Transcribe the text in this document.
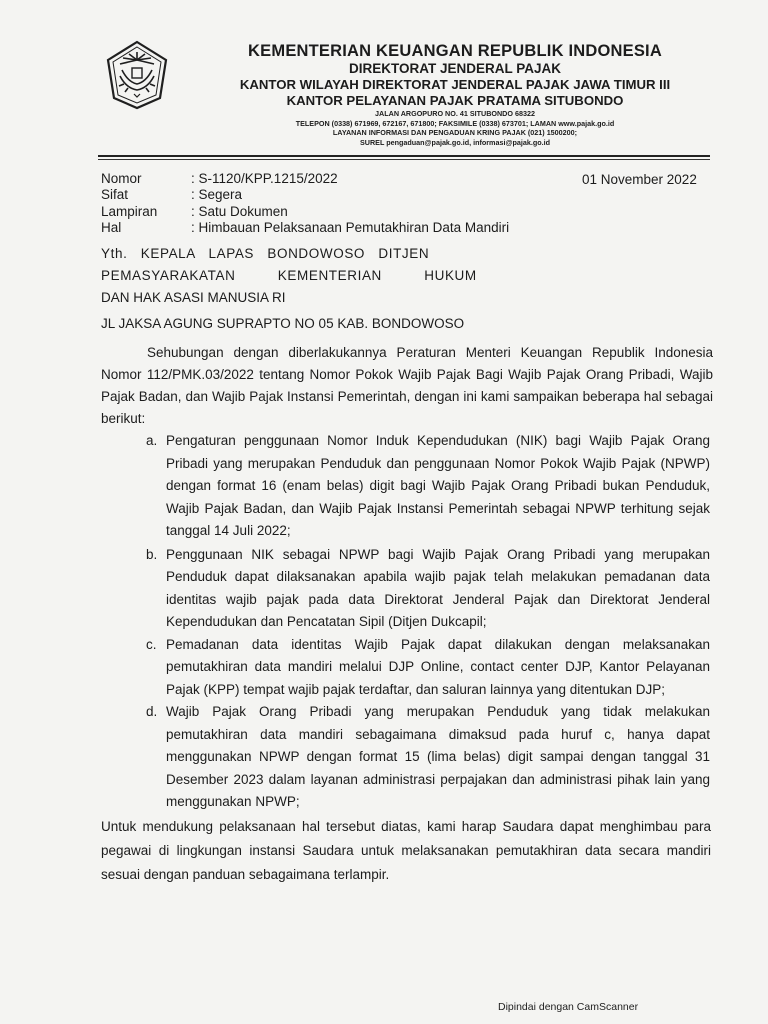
KEMENTERIAN KEUANGAN REPUBLIK INDONESIA
DIREKTORAT JENDERAL PAJAK
KANTOR WILAYAH DIREKTORAT JENDERAL PAJAK JAWA TIMUR III
KANTOR PELAYANAN PAJAK PRATAMA SITUBONDO
JALAN ARGOPURO NO. 41 SITUBONDO 68322
TELEPON (0338) 671969, 672167, 671800; FAKSIMILE (0338) 673701; LAMAN www.pajak.go.id
LAYANAN INFORMASI DAN PENGADUAN KRING PAJAK (021) 1500200;
SUREL pengaduan@pajak.go.id, informasi@pajak.go.id
Nomor	: S-1120/KPP.1215/2022
Sifat	: Segera
Lampiran	: Satu Dokumen
Hal	: Himbauan Pelaksanaan Pemutakhiran Data Mandiri
01 November 2022
Yth. KEPALA LAPAS BONDOWOSO DITJEN
PEMASYARAKATAN KEMENTERIAN HUKUM
DAN HAK ASASI MANUSIA RI
JL JAKSA AGUNG SUPRAPTO NO 05 KAB. BONDOWOSO
Sehubungan dengan diberlakukannya Peraturan Menteri Keuangan Republik Indonesia Nomor 112/PMK.03/2022 tentang Nomor Pokok Wajib Pajak Bagi Wajib Pajak Orang Pribadi, Wajib Pajak Badan, dan Wajib Pajak Instansi Pemerintah, dengan ini kami sampaikan beberapa hal sebagai berikut:
a. Pengaturan penggunaan Nomor Induk Kependudukan (NIK) bagi Wajib Pajak Orang Pribadi yang merupakan Penduduk dan penggunaan Nomor Pokok Wajib Pajak (NPWP) dengan format 16 (enam belas) digit bagi Wajib Pajak Orang Pribadi bukan Penduduk, Wajib Pajak Badan, dan Wajib Pajak Instansi Pemerintah sebagai NPWP terhitung sejak tanggal 14 Juli 2022;
b. Penggunaan NIK sebagai NPWP bagi Wajib Pajak Orang Pribadi yang merupakan Penduduk dapat dilaksanakan apabila wajib pajak telah melakukan pemadanan data identitas wajib pajak pada data Direktorat Jenderal Pajak dan Direktorat Jenderal Kependudukan dan Pencatatan Sipil (Ditjen Dukcapil;
c. Pemadanan data identitas Wajib Pajak dapat dilakukan dengan melaksanakan pemutakhiran data mandiri melalui DJP Online, contact center DJP, Kantor Pelayanan Pajak (KPP) tempat wajib pajak terdaftar, dan saluran lainnya yang ditentukan DJP;
d. Wajib Pajak Orang Pribadi yang merupakan Penduduk yang tidak melakukan pemutakhiran data mandiri sebagaimana dimaksud pada huruf c, hanya dapat menggunakan NPWP dengan format 15 (lima belas) digit sampai dengan tanggal 31 Desember 2023 dalam layanan administrasi perpajakan dan administrasi pihak lain yang menggunakan NPWP;
Untuk mendukung pelaksanaan hal tersebut diatas, kami harap Saudara dapat menghimbau para pegawai di lingkungan instansi Saudara untuk melaksanakan pemutakhiran data secara mandiri sesuai dengan panduan sebagaimana terlampir.
Dipindai dengan CamScanner
